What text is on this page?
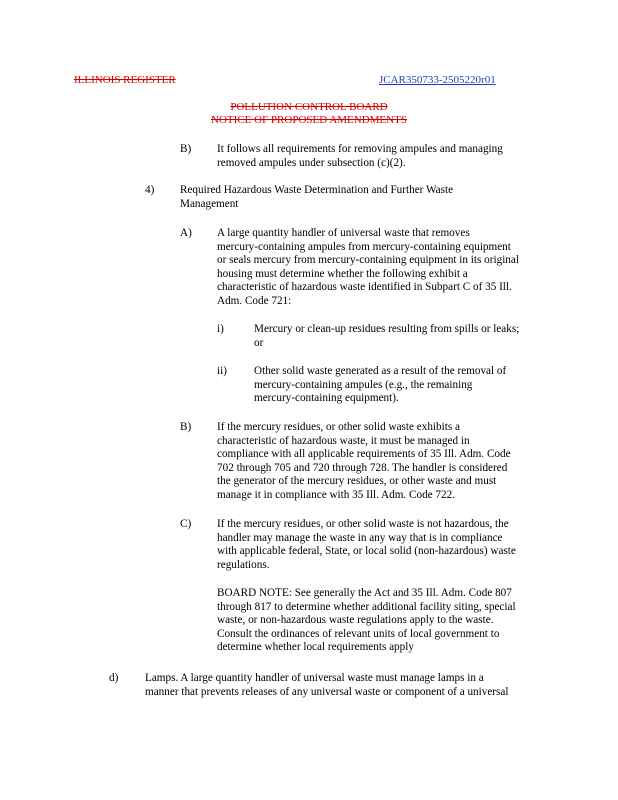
ILLINOIS REGISTER	JCAR350733-2505220r01
POLLUTION CONTROL BOARD
NOTICE OF PROPOSED AMENDMENTS
B) It follows all requirements for removing ampules and managing
removed ampules under subsection (c)(2).
4) Required Hazardous Waste Determination and Further Waste
Management
A) A large quantity handler of universal waste that removes
mercury-containing ampules from mercury-containing equipment
or seals mercury from mercury-containing equipment in its original
housing must determine whether the following exhibit a
characteristic of hazardous waste identified in Subpart C of 35 Ill.
Adm. Code 721:
i)	Mercury or clean-up residues resulting from spills or leaks;
or
ii) Other solid waste generated as a result of the removal of
mercury-containing ampules (e.g., the remaining
mercury-containing equipment).
B) If the mercury residues, or other solid waste exhibits a
characteristic of hazardous waste, it must be managed in
compliance with all applicable requirements of 35 Ill. Adm. Code
702 through 705 and 720 through 728. The handler is considered
the generator of the mercury residues, or other waste and must
manage it in compliance with 35 Ill. Adm. Code 722.
C) If the mercury residues, or other solid waste is not hazardous, the
handler may manage the waste in any way that is in compliance
with applicable federal, State, or local solid (non-hazardous) waste
regulations.
BOARD NOTE: See generally the Act and 35 Ill. Adm. Code 807
through 817 to determine whether additional facility siting, special
waste, or non-hazardous waste regulations apply to the waste.
Consult the ordinances of relevant units of local government to
determine whether local requirements apply
d) Lamps. A large quantity handler of universal waste must manage lamps in a
manner that prevents releases of any universal waste or component of a universal
